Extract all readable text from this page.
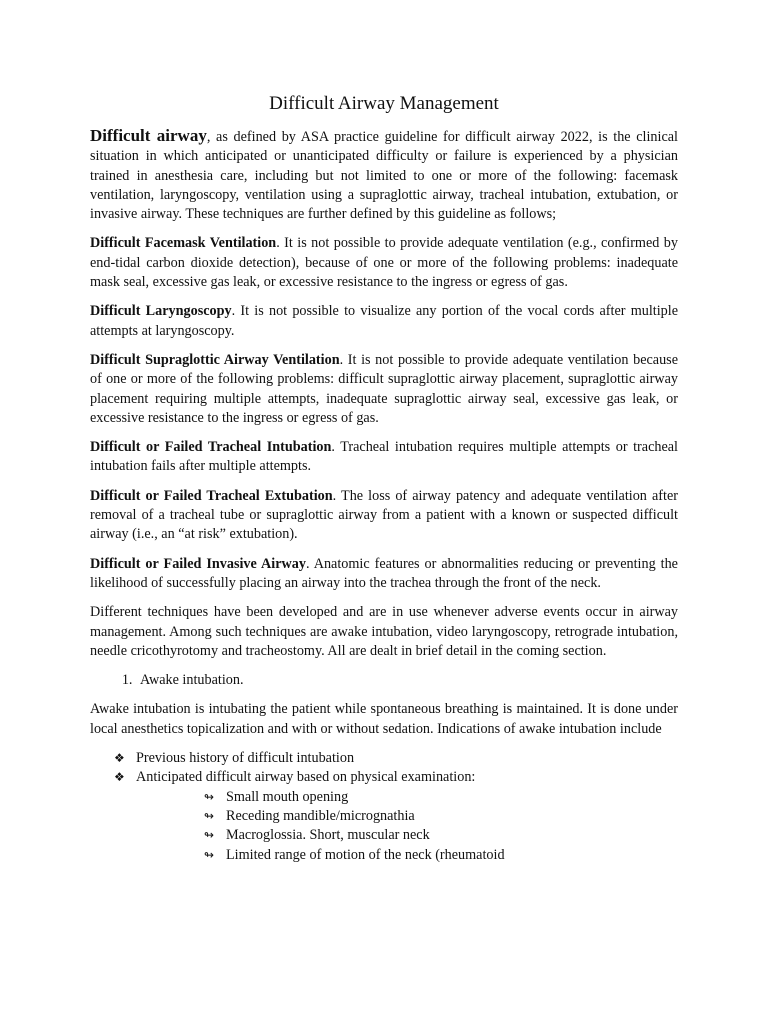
Difficult Airway Management

Difficult airway, as defined by ASA practice guideline for difficult airway 2022, is the clinical situation in which anticipated or unanticipated difficulty or failure is experienced by a physician trained in anesthesia care, including but not limited to one or more of the following: facemask ventilation, laryngoscopy, ventilation using a supraglottic airway, tracheal intubation, extubation, or invasive airway. These techniques are further defined by this guideline as follows;

Difficult Facemask Ventilation. It is not possible to provide adequate ventilation (e.g., confirmed by end-tidal carbon dioxide detection), because of one or more of the following problems: inadequate mask seal, excessive gas leak, or excessive resistance to the ingress or egress of gas.

Difficult Laryngoscopy. It is not possible to visualize any portion of the vocal cords after multiple attempts at laryngoscopy.

Difficult Supraglottic Airway Ventilation. It is not possible to provide adequate ventilation because of one or more of the following problems: difficult supraglottic airway placement, supraglottic airway placement requiring multiple attempts, inadequate supraglottic airway seal, excessive gas leak, or excessive resistance to the ingress or egress of gas.

Difficult or Failed Tracheal Intubation. Tracheal intubation requires multiple attempts or tracheal intubation fails after multiple attempts.

Difficult or Failed Tracheal Extubation. The loss of airway patency and adequate ventilation after removal of a tracheal tube or supraglottic airway from a patient with a known or suspected difficult airway (i.e., an “at risk” extubation).

Difficult or Failed Invasive Airway. Anatomic features or abnormalities reducing or preventing the likelihood of successfully placing an airway into the trachea through the front of the neck.

Different techniques have been developed and are in use whenever adverse events occur in airway management. Among such techniques are awake intubation, video laryngoscopy, retrograde intubation, needle cricothyrotomy and tracheostomy. All are dealt in brief detail in the coming section.

1. Awake intubation.

Awake intubation is intubating the patient while spontaneous breathing is maintained. It is done under local anesthetics topicalization and with or without sedation. Indications of awake intubation include

❖ Previous history of difficult intubation
❖ Anticipated difficult airway based on physical examination:
↬ Small mouth opening
↬ Receding mandible/micrognathia
↬ Macroglossia. Short, muscular neck
↬ Limited range of motion of the neck (rheumatoid
